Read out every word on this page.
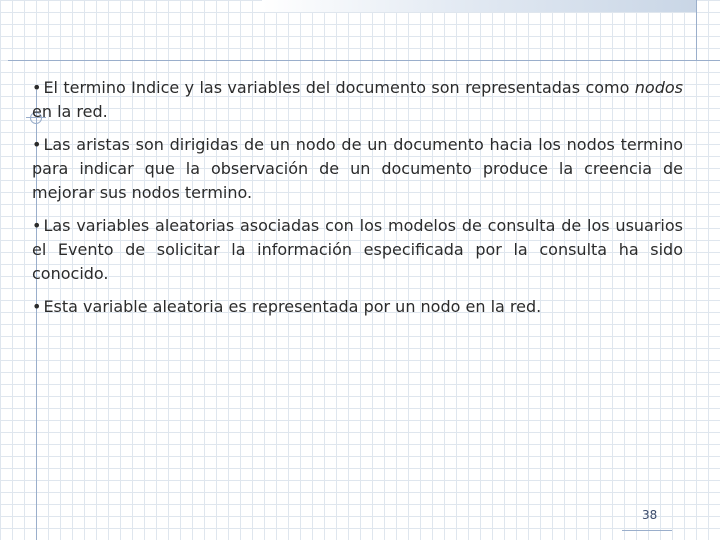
• El termino Indice y las variables del documento son representadas como nodos en la red.

• Las aristas son dirigidas de un nodo de un documento hacia los nodos termino para indicar que la observación de un documento produce la creencia de mejorar sus nodos termino.

• Las variables aleatorias asociadas con los modelos de consulta de los usuarios el Evento de solicitar la información especificada por la consulta ha sido conocido.

• Esta variable aleatoria es representada por un nodo en la red.

38
